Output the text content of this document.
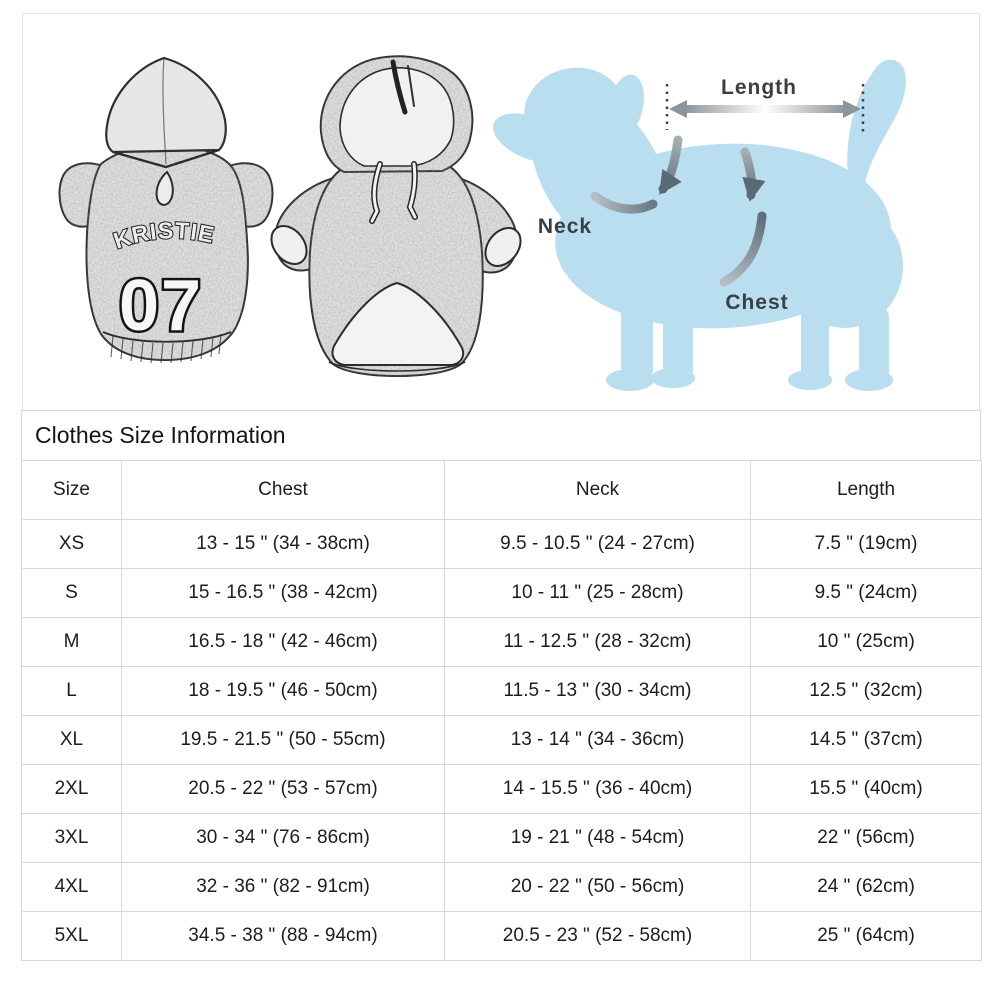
KRISTIE
07
Length
Neck
Chest
Clothes Size Information
Size	Chest	Neck	Length
XS	13 - 15 " (34 - 38cm)	9.5 - 10.5 " (24 - 27cm)	7.5 " (19cm)
S	15 - 16.5 " (38 - 42cm)	10 - 11 " (25 - 28cm)	9.5 " (24cm)
M	16.5 - 18 " (42 - 46cm)	11 - 12.5 " (28 - 32cm)	10 " (25cm)
L	18 - 19.5 " (46 - 50cm)	11.5 - 13 " (30 - 34cm)	12.5 " (32cm)
XL	19.5 - 21.5 " (50 - 55cm)	13 - 14 " (34 - 36cm)	14.5 " (37cm)
2XL	20.5 - 22 " (53 - 57cm)	14 - 15.5 " (36 - 40cm)	15.5 " (40cm)
3XL	30 - 34 " (76 - 86cm)	19 - 21 " (48 - 54cm)	22 " (56cm)
4XL	32 - 36 " (82 - 91cm)	20 - 22 " (50 - 56cm)	24 " (62cm)
5XL	34.5 - 38 " (88 - 94cm)	20.5 - 23 " (52 - 58cm)	25 " (64cm)
